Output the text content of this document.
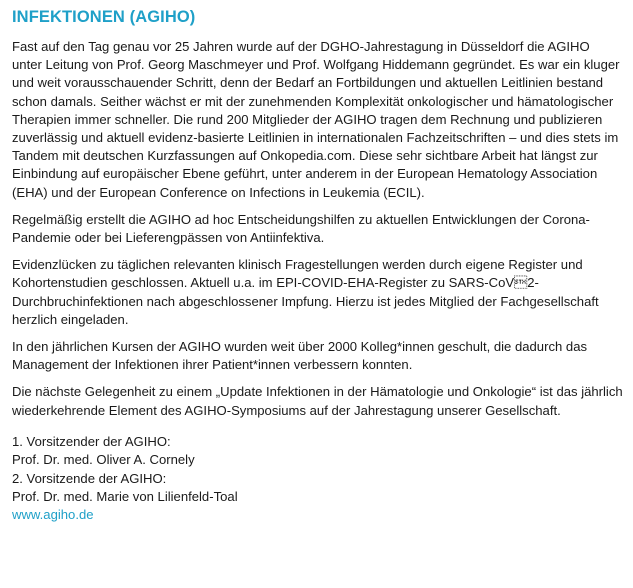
INFEKTIONEN (AGIHO)

Fast auf den Tag genau vor 25 Jahren wurde auf der DGHO-Jahrestagung in Düsseldorf die AGIHO unter Leitung von Prof. Georg Maschmeyer und Prof. Wolfgang Hiddemann gegründet. Es war ein kluger und weit vorausschauender Schritt, denn der Bedarf an Fortbildungen und aktuellen Leitlinien bestand schon damals. Seither wächst er mit der zunehmenden Komplexität onkologischer und hämatologischer Therapien immer schneller. Die rund 200 Mitglieder der AGIHO tragen dem Rechnung und publizieren zuverlässig und aktuell evidenz-basierte Leitlinien in internationalen Fachzeitschriften – und dies stets im Tandem mit deutschen Kurzfassungen auf Onkopedia.com. Diese sehr sichtbare Arbeit hat längst zur Einbindung auf europäischer Ebene geführt, unter anderem in der European Hematology Association (EHA) und der European Conference on Infections in Leukemia (ECIL).

Regelmäßig erstellt die AGIHO ad hoc Entscheidungshilfen zu aktuellen Entwicklungen der Corona-Pandemie oder bei Lieferengpässen von Antiinfektiva.

Evidenzlücken zu täglichen relevanten klinisch Fragestellungen werden durch eigene Register und Kohortenstudien geschlossen. Aktuell u.a. im EPI-COVID-EHA-Register zu SARS-CoV2-Durchbruchinfektionen nach abgeschlossener Impfung. Hierzu ist jedes Mitglied der Fachgesellschaft herzlich eingeladen.

In den jährlichen Kursen der AGIHO wurden weit über 2000 Kolleg*innen geschult, die dadurch das Management der Infektionen ihrer Patient*innen verbessern konnten.

Die nächste Gelegenheit zu einem „Update Infektionen in der Hämatologie und Onkologie“ ist das jährlich wiederkehrende Element des AGIHO-Symposiums auf der Jahrestagung unserer Gesellschaft.

1. Vorsitzender der AGIHO:
Prof. Dr. med. Oliver A. Cornely
2. Vorsitzende der AGIHO:
Prof. Dr. med. Marie von Lilienfeld-Toal
www.agiho.de
